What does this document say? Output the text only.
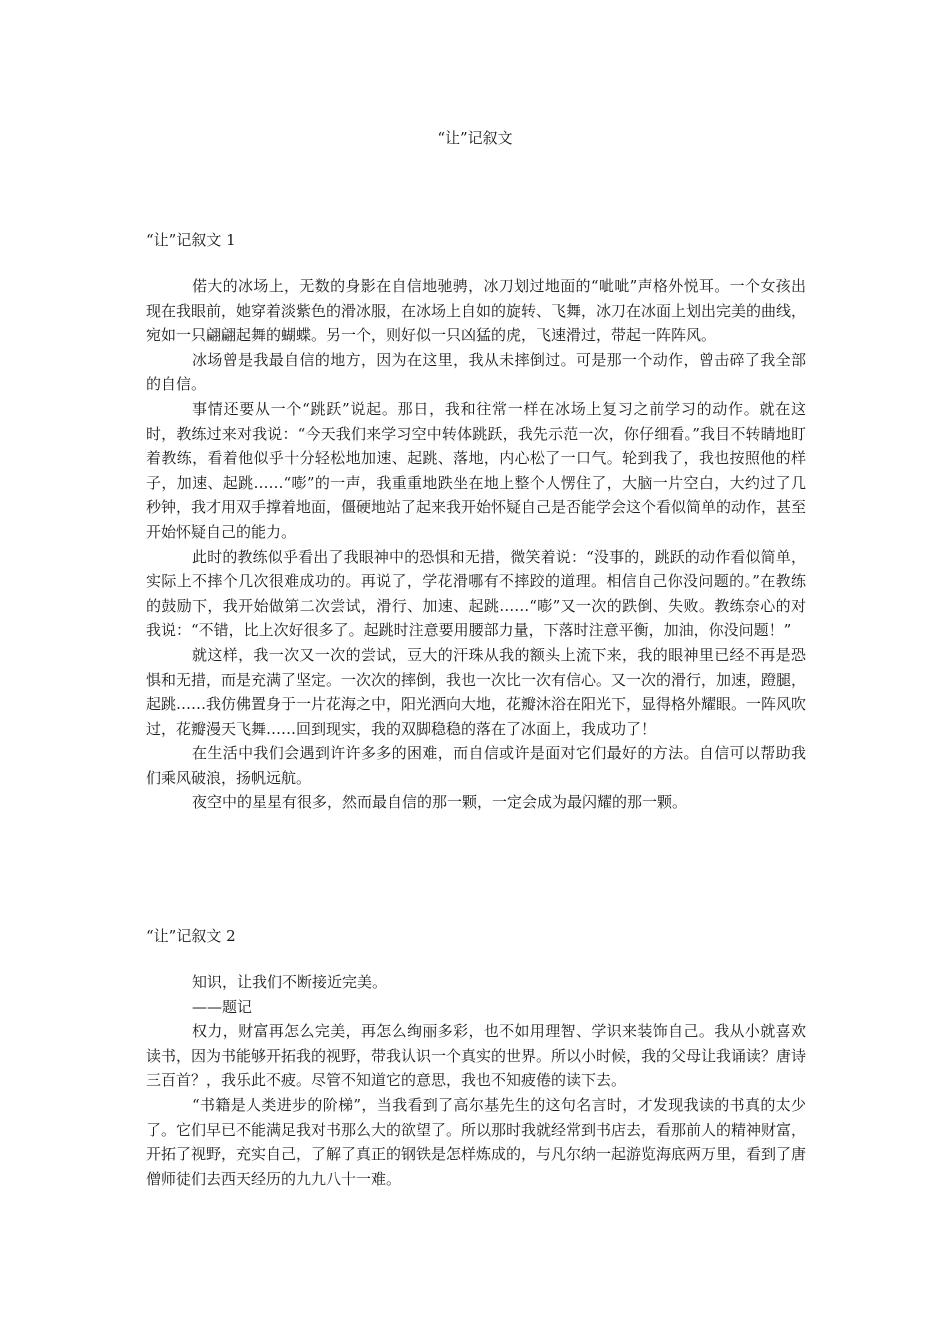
“让”记叙文
“让”记叙文 1

偌大的冰场上，无数的身影在自信地驰骋，冰刀划过地面的“呲呲”声格外悦耳。一个女孩出现在我眼前，她穿着淡紫色的滑冰服，在冰场上自如的旋转、飞舞，冰刀在冰面上划出完美的曲线，宛如一只翩翩起舞的蝴蝶。另一个，则好似一只凶猛的虎，飞速滑过，带起一阵阵风。

冰场曾是我最自信的地方，因为在这里，我从未摔倒过。可是那一个动作，曾击碎了我全部的自信。

事情还要从一个“跳跃”说起。那日，我和往常一样在冰场上复习之前学习的动作。就在这时，教练过来对我说：“今天我们来学习空中转体跳跃，我先示范一次，你仔细看。”我目不转睛地盯着教练，看着他似乎十分轻松地加速、起跳、落地，内心松了一口气。轮到我了，我也按照他的样子，加速、起跳……“嘭”的一声，我重重地跌坐在地上整个人愣住了，大脑一片空白，大约过了几秒钟，我才用双手撑着地面，僵硬地站了起来我开始怀疑自己是否能学会这个看似简单的动作，甚至开始怀疑自己的能力。

此时的教练似乎看出了我眼神中的恐惧和无措，微笑着说：“没事的，跳跃的动作看似简单，实际上不摔个几次很难成功的。再说了，学花滑哪有不摔跤的道理。相信自己你没问题的。”在教练的鼓励下，我开始做第二次尝试，滑行、加速、起跳……“嘭”又一次的跌倒、失败。教练奈心的对我说：“不错，比上次好很多了。起跳时注意要用腰部力量，下落时注意平衡，加油，你没问题！”

就这样，我一次又一次的尝试，豆大的汗珠从我的额头上流下来，我的眼神里已经不再是恐惧和无措，而是充满了坚定。一次次的摔倒，我也一次比一次有信心。又一次的滑行，加速，蹬腿，起跳……我仿佛置身于一片花海之中，阳光洒向大地，花瓣沐浴在阳光下，显得格外耀眼。一阵风吹过，花瓣漫天飞舞……回到现实，我的双脚稳稳的落在了冰面上，我成功了！

在生活中我们会遇到许许多多的困难，而自信或许是面对它们最好的方法。自信可以帮助我们乘风破浪，扬帆远航。

夜空中的星星有很多，然而最自信的那一颗，一定会成为最闪耀的那一颗。

“让”记叙文 2

知识，让我们不断接近完美。

——题记

权力，财富再怎么完美，再怎么绚丽多彩，也不如用理智、学识来装饰自己。我从小就喜欢读书，因为书能够开拓我的视野，带我认识一个真实的世界。所以小时候，我的父母让我诵读？唐诗三百首？，我乐此不疲。尽管不知道它的意思，我也不知疲倦的读下去。

“书籍是人类进步的阶梯”，当我看到了高尔基先生的这句名言时，才发现我读的书真的太少了。它们早已不能满足我对书那么大的欲望了。所以那时我就经常到书店去，看那前人的精神财富，开拓了视野，充实自己，了解了真正的钢铁是怎样炼成的，与凡尔纳一起游览海底两万里，看到了唐僧师徒们去西天经历的九九八十一难。
